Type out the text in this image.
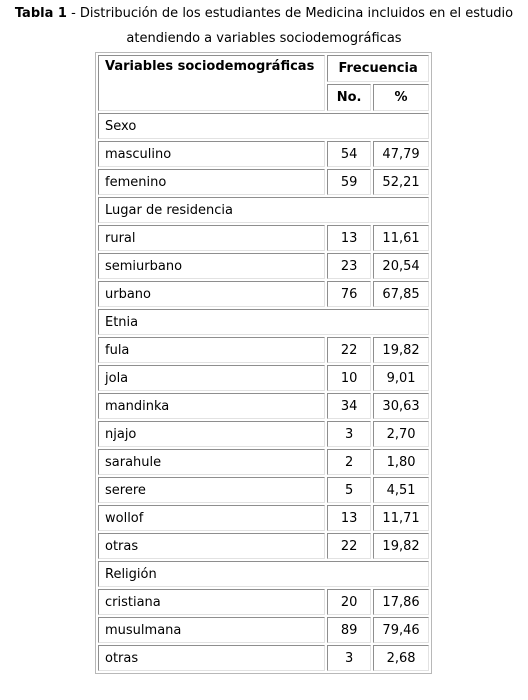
Tabla 1 - Distribución de los estudiantes de Medicina incluidos en el estudio
atendiendo a variables sociodemográficas
Variables sociodemográficas	Frecuencia	
	No.	%
Sexo		
masculino	54	47,79
femenino	59	52,21
Lugar de residencia		
rural	13	11,61
semiurbano	23	20,54
urbano	76	67,85
Etnia		
fula	22	19,82
jola	10	9,01
mandinka	34	30,63
njajo	3	2,70
sarahule	2	1,80
serere	5	4,51
wollof	13	11,71
otras	22	19,82
Religión		
cristiana	20	17,86
musulmana	89	79,46
otras	3	2,68
